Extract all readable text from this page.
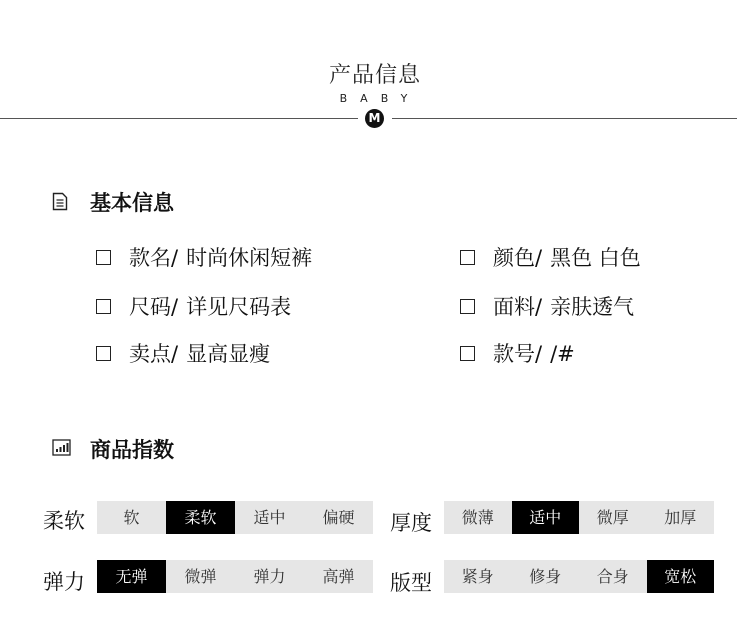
产品信息
BABY
M
基本信息
款名/ 时尚休闲短裤	颜色/ 黑色 白色
尺码/ 详见尺码表	面料/ 亲肤透气
卖点/ 显高显瘦	款号/ /#
商品指数
柔软	软	柔软	适中	偏硬	厚度	微薄	适中	微厚	加厚
弹力	无弹	微弹	弹力	高弹	版型	紧身	修身	合身	宽松
